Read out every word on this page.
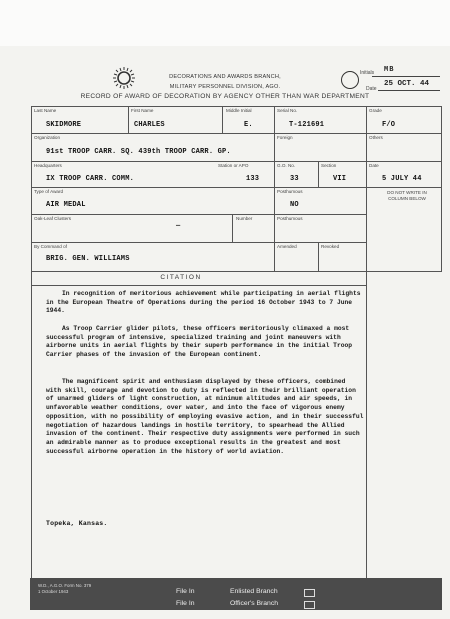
DECORATIONS AND AWARDS BRANCH,
MILITARY PERSONNEL DIVISION, AGO.
RECORD OF AWARD OF DECORATION BY AGENCY OTHER THAN WAR DEPARTMENT
Initials MB
Date
25 OCT. 44
Last Name
SKIDMORE
First Name
CHARLES
Middle Initial
E.
Serial No.
T-121691
Grade
F/O
Organization
91st TROOP CARR. SQ. 439th TROOP CARR. GP.
Foreign	Others
Headquarters
IX TROOP CARR. COMM.
Station or APO
133
G.O. No.
33
Section
VII
Date
5 JULY 44
Type of Award
AIR MEDAL
Posthumous
NO
DO NOT WRITE IN COLUMN BELOW
Oak-Leaf Clusters
—
Number	Posthumous
By Command of
BRIG. GEN. WILLIAMS
Amended	Revoked
CITATION
In recognition of meritorious achievement while participating in aerial flights in the European Theatre of Operations during the period 16 October 1943 to 7 June 1944.
As Troop Carrier glider pilots, these officers meritoriously climaxed a most successful program of intensive, specialized training and joint maneuvers with airborne units in aerial flights by their superb performance in the initial Troop Carrier phases of the invasion of the European continent.
The magnificent spirit and enthusiasm displayed by these officers, combined with skill, courage and devotion to duty is reflected in their brilliant operation of unarmed gliders of light construction, at minimum altitudes and air speeds, in unfavorable weather conditions, over water, and into the face of vigorous enemy opposition, with no possibility of employing evasive action, and in their successful negotiation of hazardous landings in hostile territory, to spearhead the Allied invasion of the continent. Their respective duty assignments were performed in such an admirable manner as to produce exceptional results in the greatest and most successful airborne operation in the history of world aviation.
Topeka, Kansas.
W.D., A.G.O. Form No. 379
1 October 1943	File In
File In
Enlisted Branch
Officer's Branch
